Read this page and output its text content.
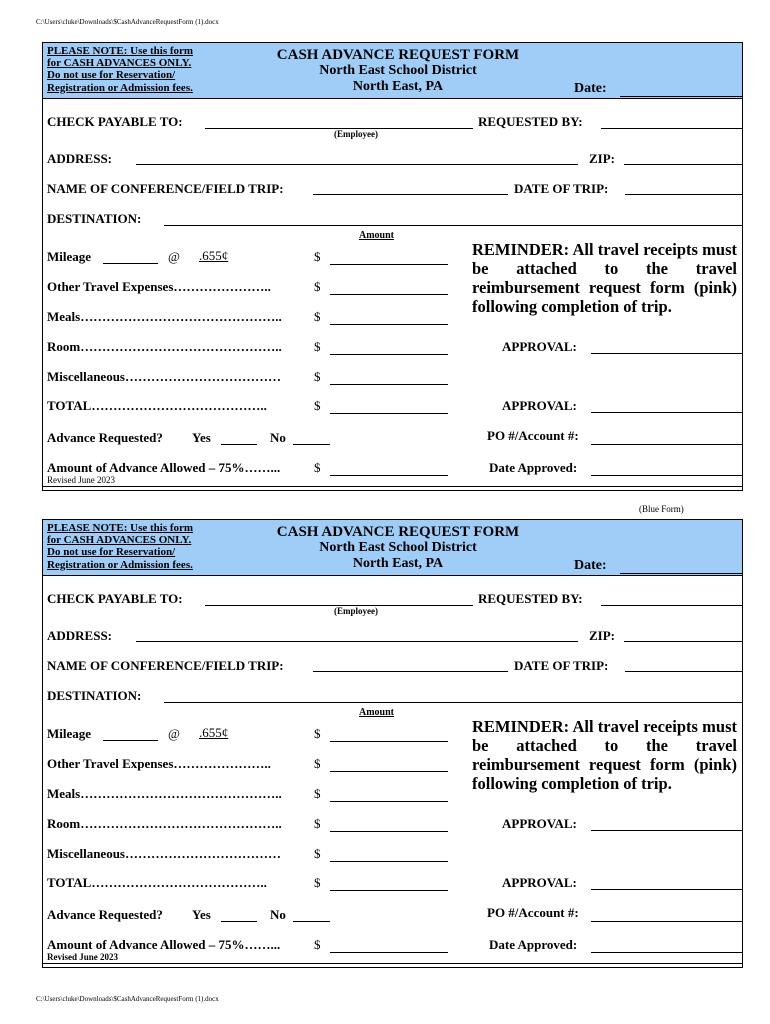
C:\Users\cluke\Downloads\$CashAdvanceRequestForm (1).docx
PLEASE NOTE: Use this form
for CASH ADVANCES ONLY.
Do not use for Reservation/
Registration or Admission fees.
CASH ADVANCE REQUEST FORM
North East School District
North East, PA	Date:
CHECK PAYABLE TO:
(Employee)
REQUESTED BY:
ADDRESS:	ZIP:
NAME OF CONFERENCE/FIELD TRIP:	DATE OF TRIP:
DESTINATION:
Amount
Mileage	@ .655¢	$
Other Travel Expenses…………………..	$
Meals……………………………………….. $
Room……………………………………….. $
Miscellaneous………………………………	$
TOTAL…………………………………..	$
Advance Requested? Yes	No
Amount of Advance Allowed – 75%……...	$
REMINDER: All travel receipts must be attached to the travel reimbursement request form (pink) following completion of trip.
APPROVAL:
APPROVAL:
PO #/Account #:
Date Approved:
Revised June 2023
(Blue Form)
PLEASE NOTE: Use this form
for CASH ADVANCES ONLY.
Do not use for Reservation/
Registration or Admission fees.
CASH ADVANCE REQUEST FORM
North East School District
North East, PA	Date:
CHECK PAYABLE TO:
(Employee)
REQUESTED BY:
ADDRESS:	ZIP:
NAME OF CONFERENCE/FIELD TRIP:	DATE OF TRIP:
DESTINATION:
Amount
Mileage	@ .655¢	$
Other Travel Expenses…………………..	$
Meals……………………………………….. $
Room……………………………………….. $
Miscellaneous………………………………	$
TOTAL…………………………………..	$
Advance Requested? Yes	No
Amount of Advance Allowed – 75%……...	$
REMINDER: All travel receipts must be attached to the travel reimbursement request form (pink) following completion of trip.
APPROVAL:
APPROVAL:
PO #/Account #:
Date Approved:
Revised June 2023
C:\Users\cluke\Downloads\$CashAdvanceRequestForm (1).docx
